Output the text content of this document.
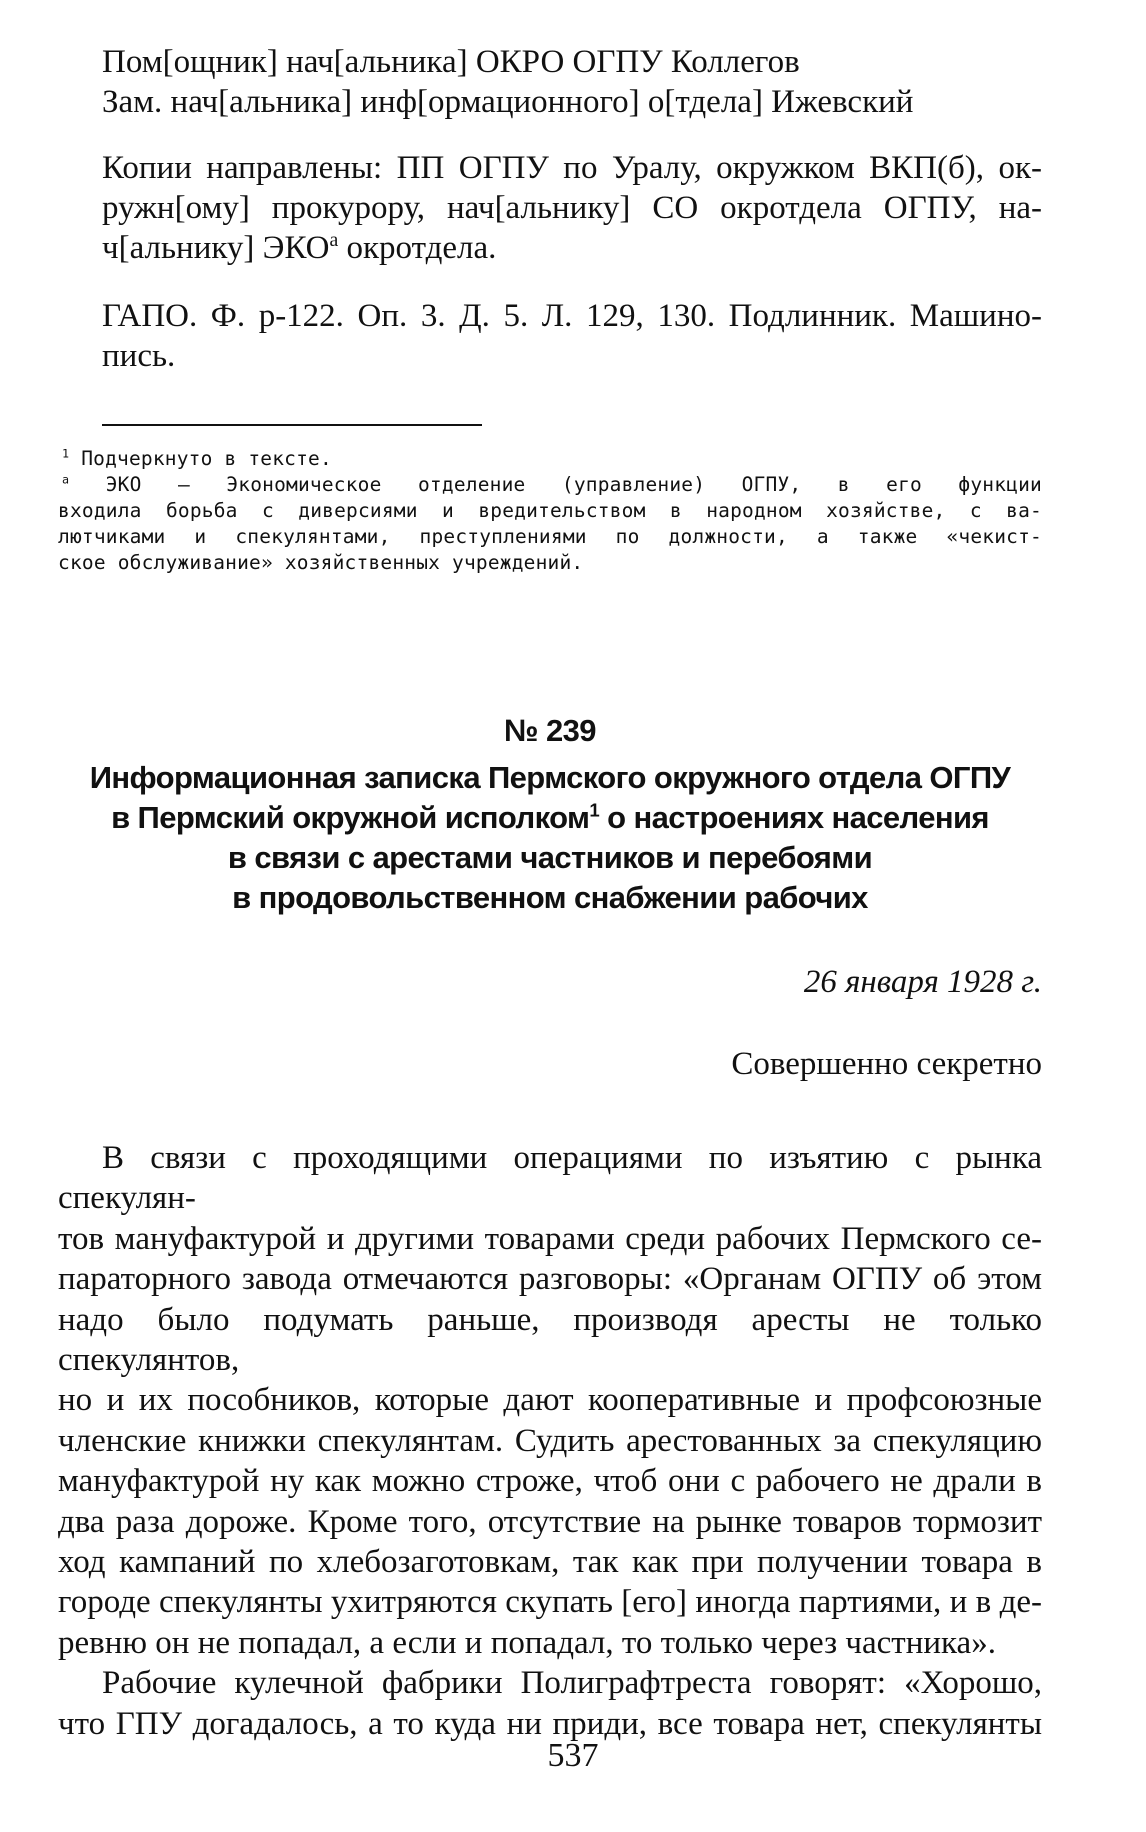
Пом[ощник] нач[альника] ОКРО ОГПУ Коллегов
Зам. нач[альника] инф[ормационного] о[тдела] Ижевский
Копии направлены: ПП ОГПУ по Уралу, окружком ВКП(б), ок-
ружн[ому] прокурору, нач[альнику] СО окротдела ОГПУ, на-
ч[альнику] $ЭКО^а$ окротдела.
ГАПО. Ф. р-122. Оп. 3. Д. 5. Л. 129, 130. Подлинник. Машино-
пись.
$^1$ Подчеркнуто в тексте.
$^а$ ЭКО – Экономическое отделение (управление) ОГПУ, в его функции
входила борьба с диверсиями и вредительством в народном хозяйстве, с ва-
лютчиками и спекулянтами, преступлениями по должности, а также «чекист-
ское обслуживание» хозяйственных учреждений.
№ 239
Информационная записка Пермского окружного отдела ОГПУ
в Пермский окружной исполком$^1$ о настроениях населения
в связи с арестами частников и перебоями
в продовольственном снабжении рабочих
26 января 1928 г.
Совершенно секретно
В связи с проходящими операциями по изъятию с рынка спекулян-
тов мануфактурой и другими товарами среди рабочих Пермского се-
параторного завода отмечаются разговоры: «Органам ОГПУ об этом
надо было подумать раньше, производя аресты не только спекулянтов,
но и их пособников, которые дают кооперативные и профсоюзные
членские книжки спекулянтам. Судить арестованных за спекуляцию
мануфактурой ну как можно строже, чтоб они с рабочего не драли в
два раза дороже. Кроме того, отсутствие на рынке товаров тормозит
ход кампаний по хлебозаготовкам, так как при получении товара в
городе спекулянты ухитряются скупать [его] иногда партиями, и в де-
ревню он не попадал, а если и попадал, то только через частника».
Рабочие кулечной фабрики Полиграфтреста говорят: «Хорошо,
что ГПУ догадалось, а то куда ни приди, все товара нет, спекулянты
537
